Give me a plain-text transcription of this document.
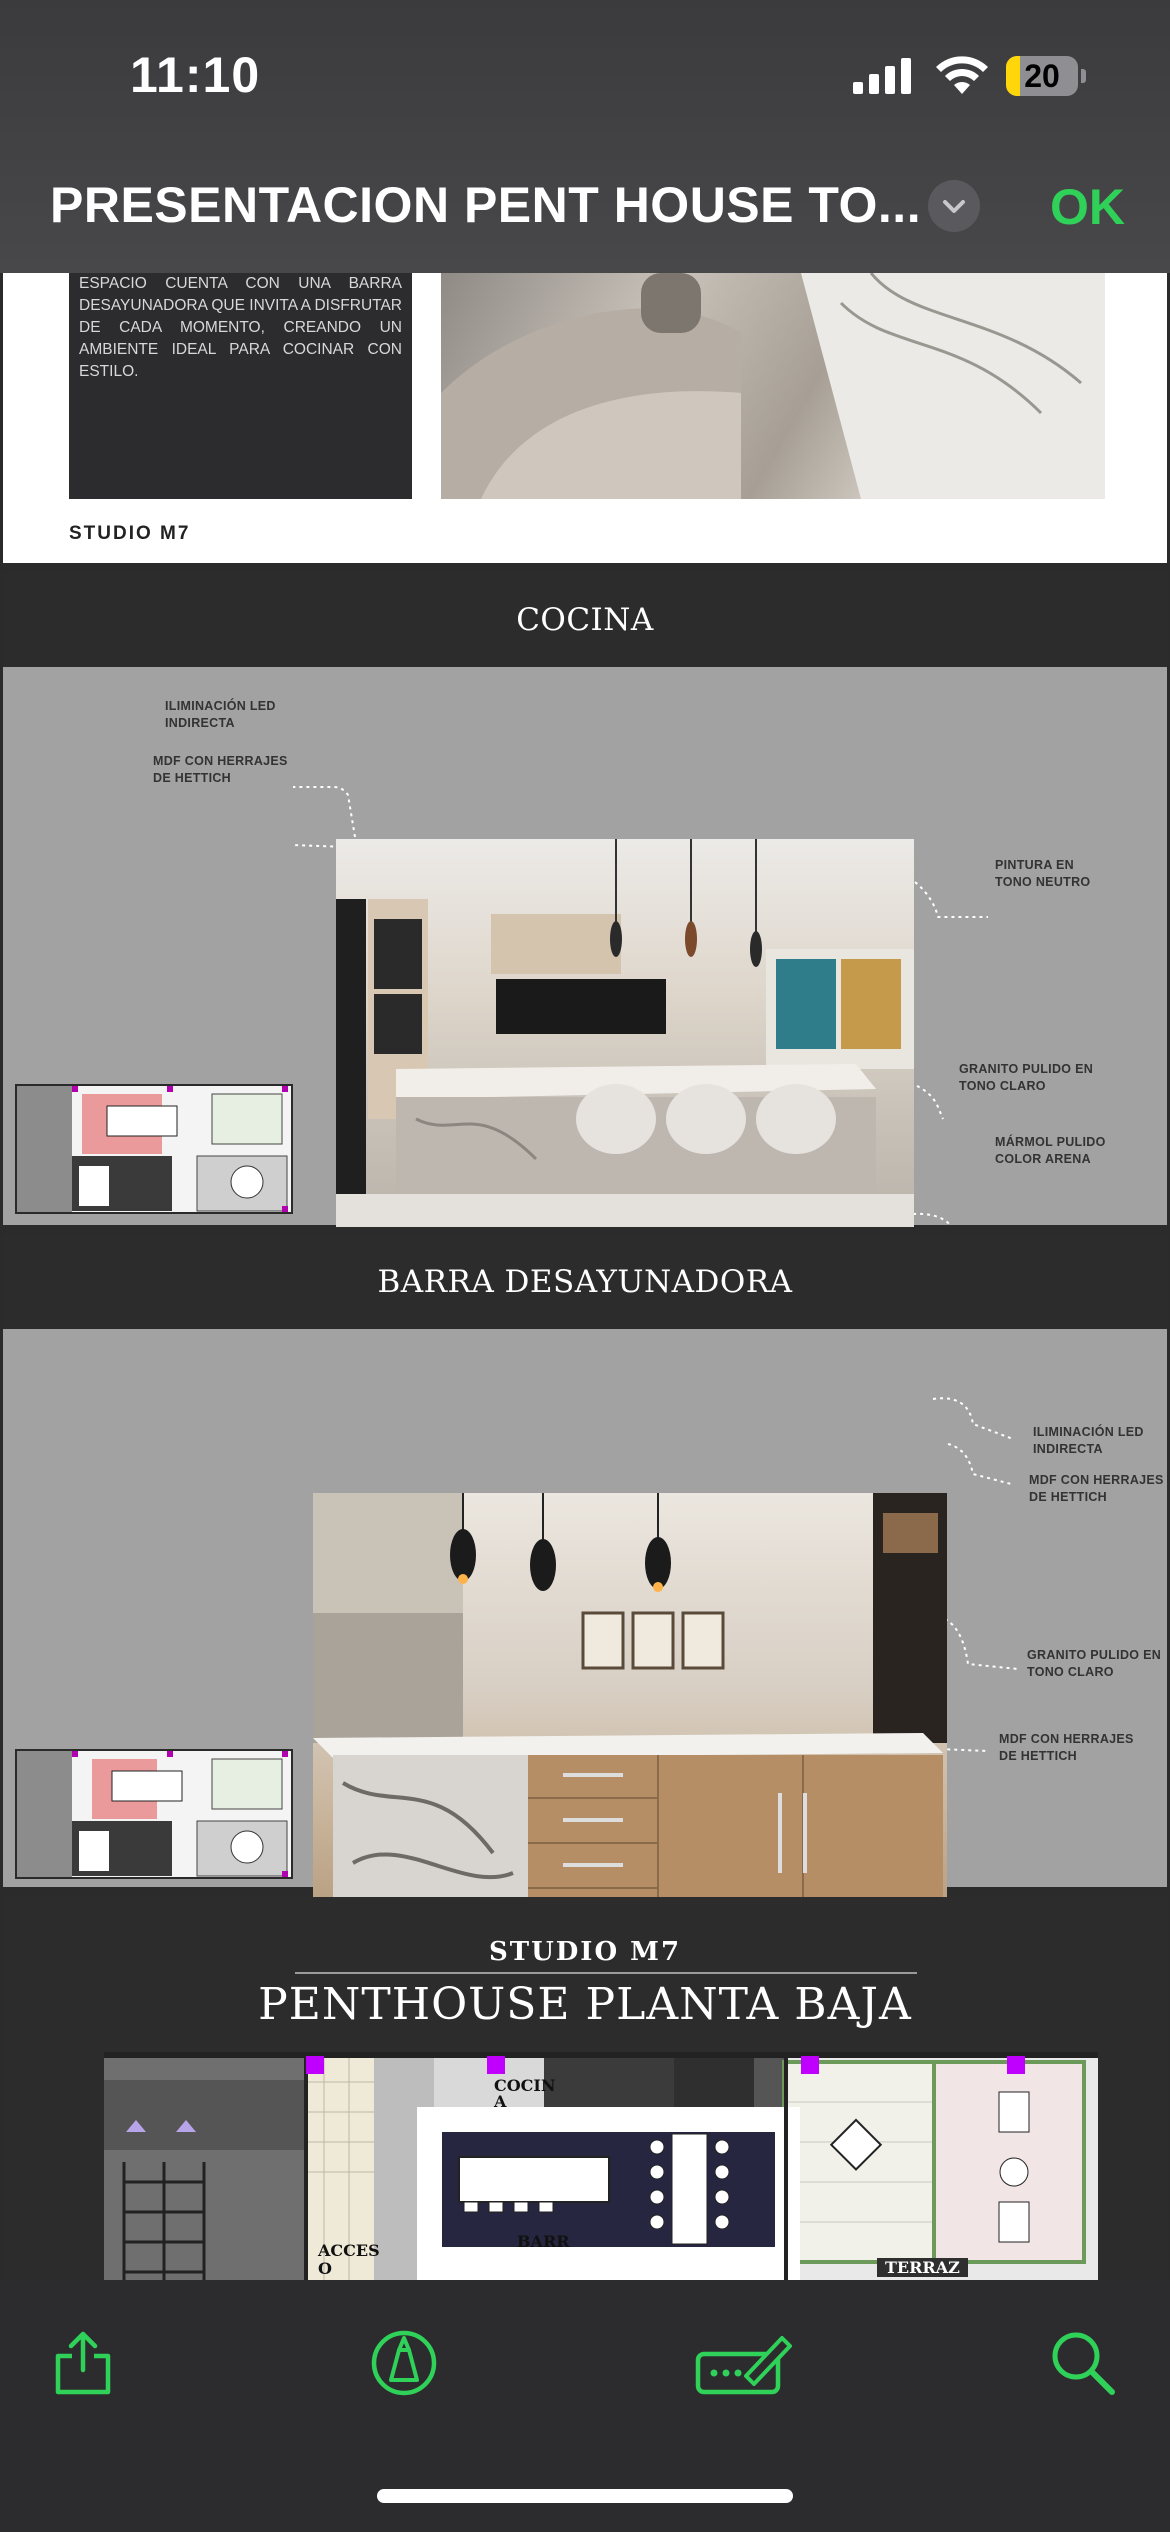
11:10	20
PRESENTACION PENT HOUSE TO...	OK

ESPACIO CUENTA CON UNA BARRA DESAYUNADORA QUE INVITA A DISFRUTAR DE CADA MOMENTO, CREANDO UN AMBIENTE IDEAL PARA COCINAR CON ESTILO.

STUDIO M7
COCINA
ILIMINACIÓN LED
INDIRECTA
MDF CON HERRAJES
DE HETTICH
PINTURA EN
TONO NEUTRO
GRANITO PULIDO EN
TONO CLARO
MÁRMOL PULIDO
COLOR ARENA
BARRA DESAYUNADORA
ILIMINACIÓN LED
INDIRECTA
MDF CON HERRAJES
DE HETTICH
GRANITO PULIDO EN
TONO CLARO
MDF CON HERRAJES
DE HETTICH

STUDIO M7
PENTHOUSE PLANTA BAJA
COCIN
A
BARR
ACCES
O	TERRAZ
